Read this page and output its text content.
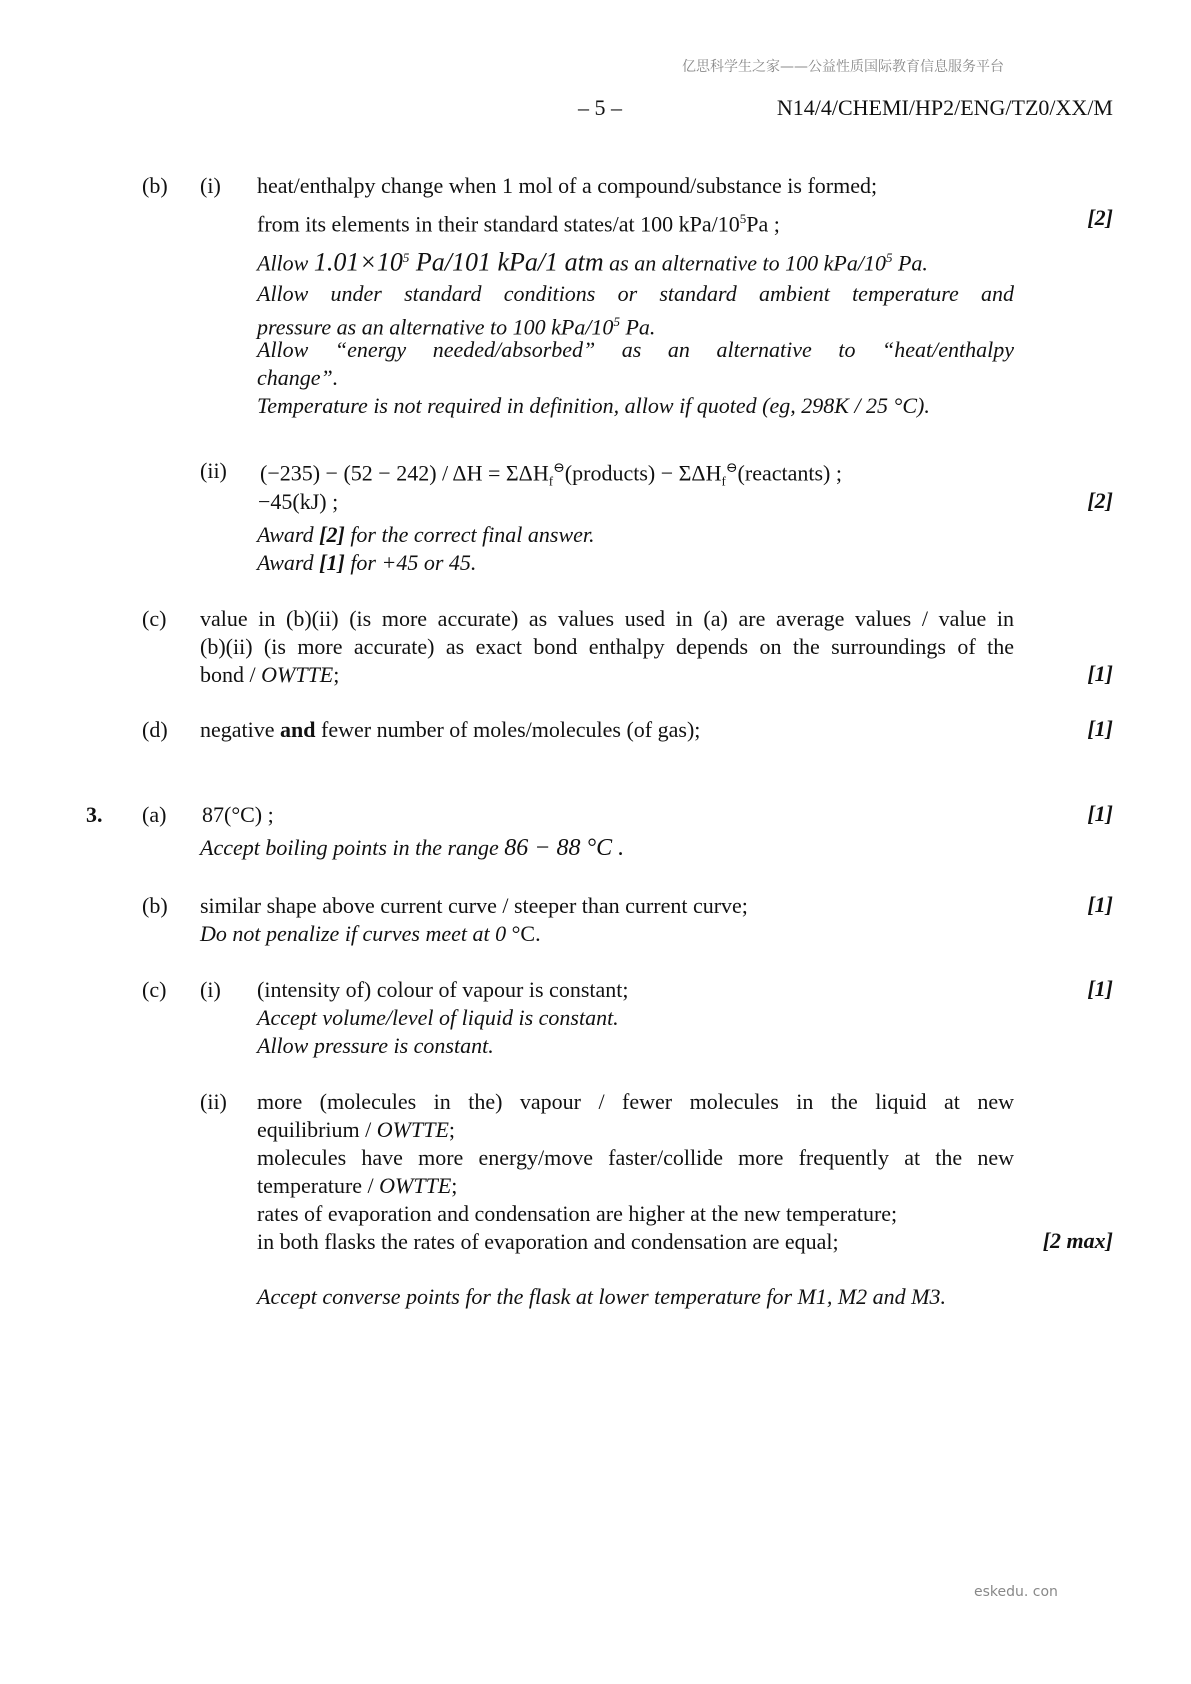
亿思科学生之家——公益性质国际教育信息服务平台
– 5 –	N14/4/CHEMI/HP2/ENG/TZ0/XX/M
(b) (i) heat/enthalpy change when 1 mol of a compound/substance is formed;
from its elements in their standard states/at 100 kPa/$10^5Pa$ ;	[2]
Allow $1.01\times 10^5$ Pa/101 kPa/1 atm as an alternative to 100 kPa/$10^5$ Pa.
Allow under standard conditions or standard ambient temperature and
pressure as an alternative to 100 kPa/$10^5$ Pa.
Allow “energy needed/absorbed” as an alternative to “heat/enthalpy
change”.
Temperature is not required in definition, allow if quoted (eg, 298K / 25 °C).
(ii) $(-235) - (52 - 242) / \Delta H = \Sigma\Delta H_f^⊖(products)$ − $\Sigma\Delta H_f^⊖(reactants)$ ;
−45(kJ) ;	[2]
Award [2] for the correct final answer.
Award [1] for +45 or 45.
(c) value in (b)(ii) (is more accurate) as values used in (a) are average values / value in
(b)(ii) (is more accurate) as exact bond enthalpy depends on the surroundings of the
bond / OWTTE;	[1]
(d) negative and fewer number of moles/molecules (of gas);	[1]
3. (a) 87(°C) ;	[1]
Accept boiling points in the range 86 − 88 °C .
(b) similar shape above current curve / steeper than current curve;	[1]
Do not penalize if curves meet at 0 °C.
(c) (i) (intensity of) colour of vapour is constant;	[1]
Accept volume/level of liquid is constant.
Allow pressure is constant.
(ii) more (molecules in the) vapour / fewer molecules in the liquid at new
equilibrium / OWTTE;
molecules have more energy/move faster/collide more frequently at the new
temperature / OWTTE;
rates of evaporation and condensation are higher at the new temperature;
in both flasks the rates of evaporation and condensation are equal;	[2 max]
Accept converse points for the flask at lower temperature for M1, M2 and M3.
eskedu. con
